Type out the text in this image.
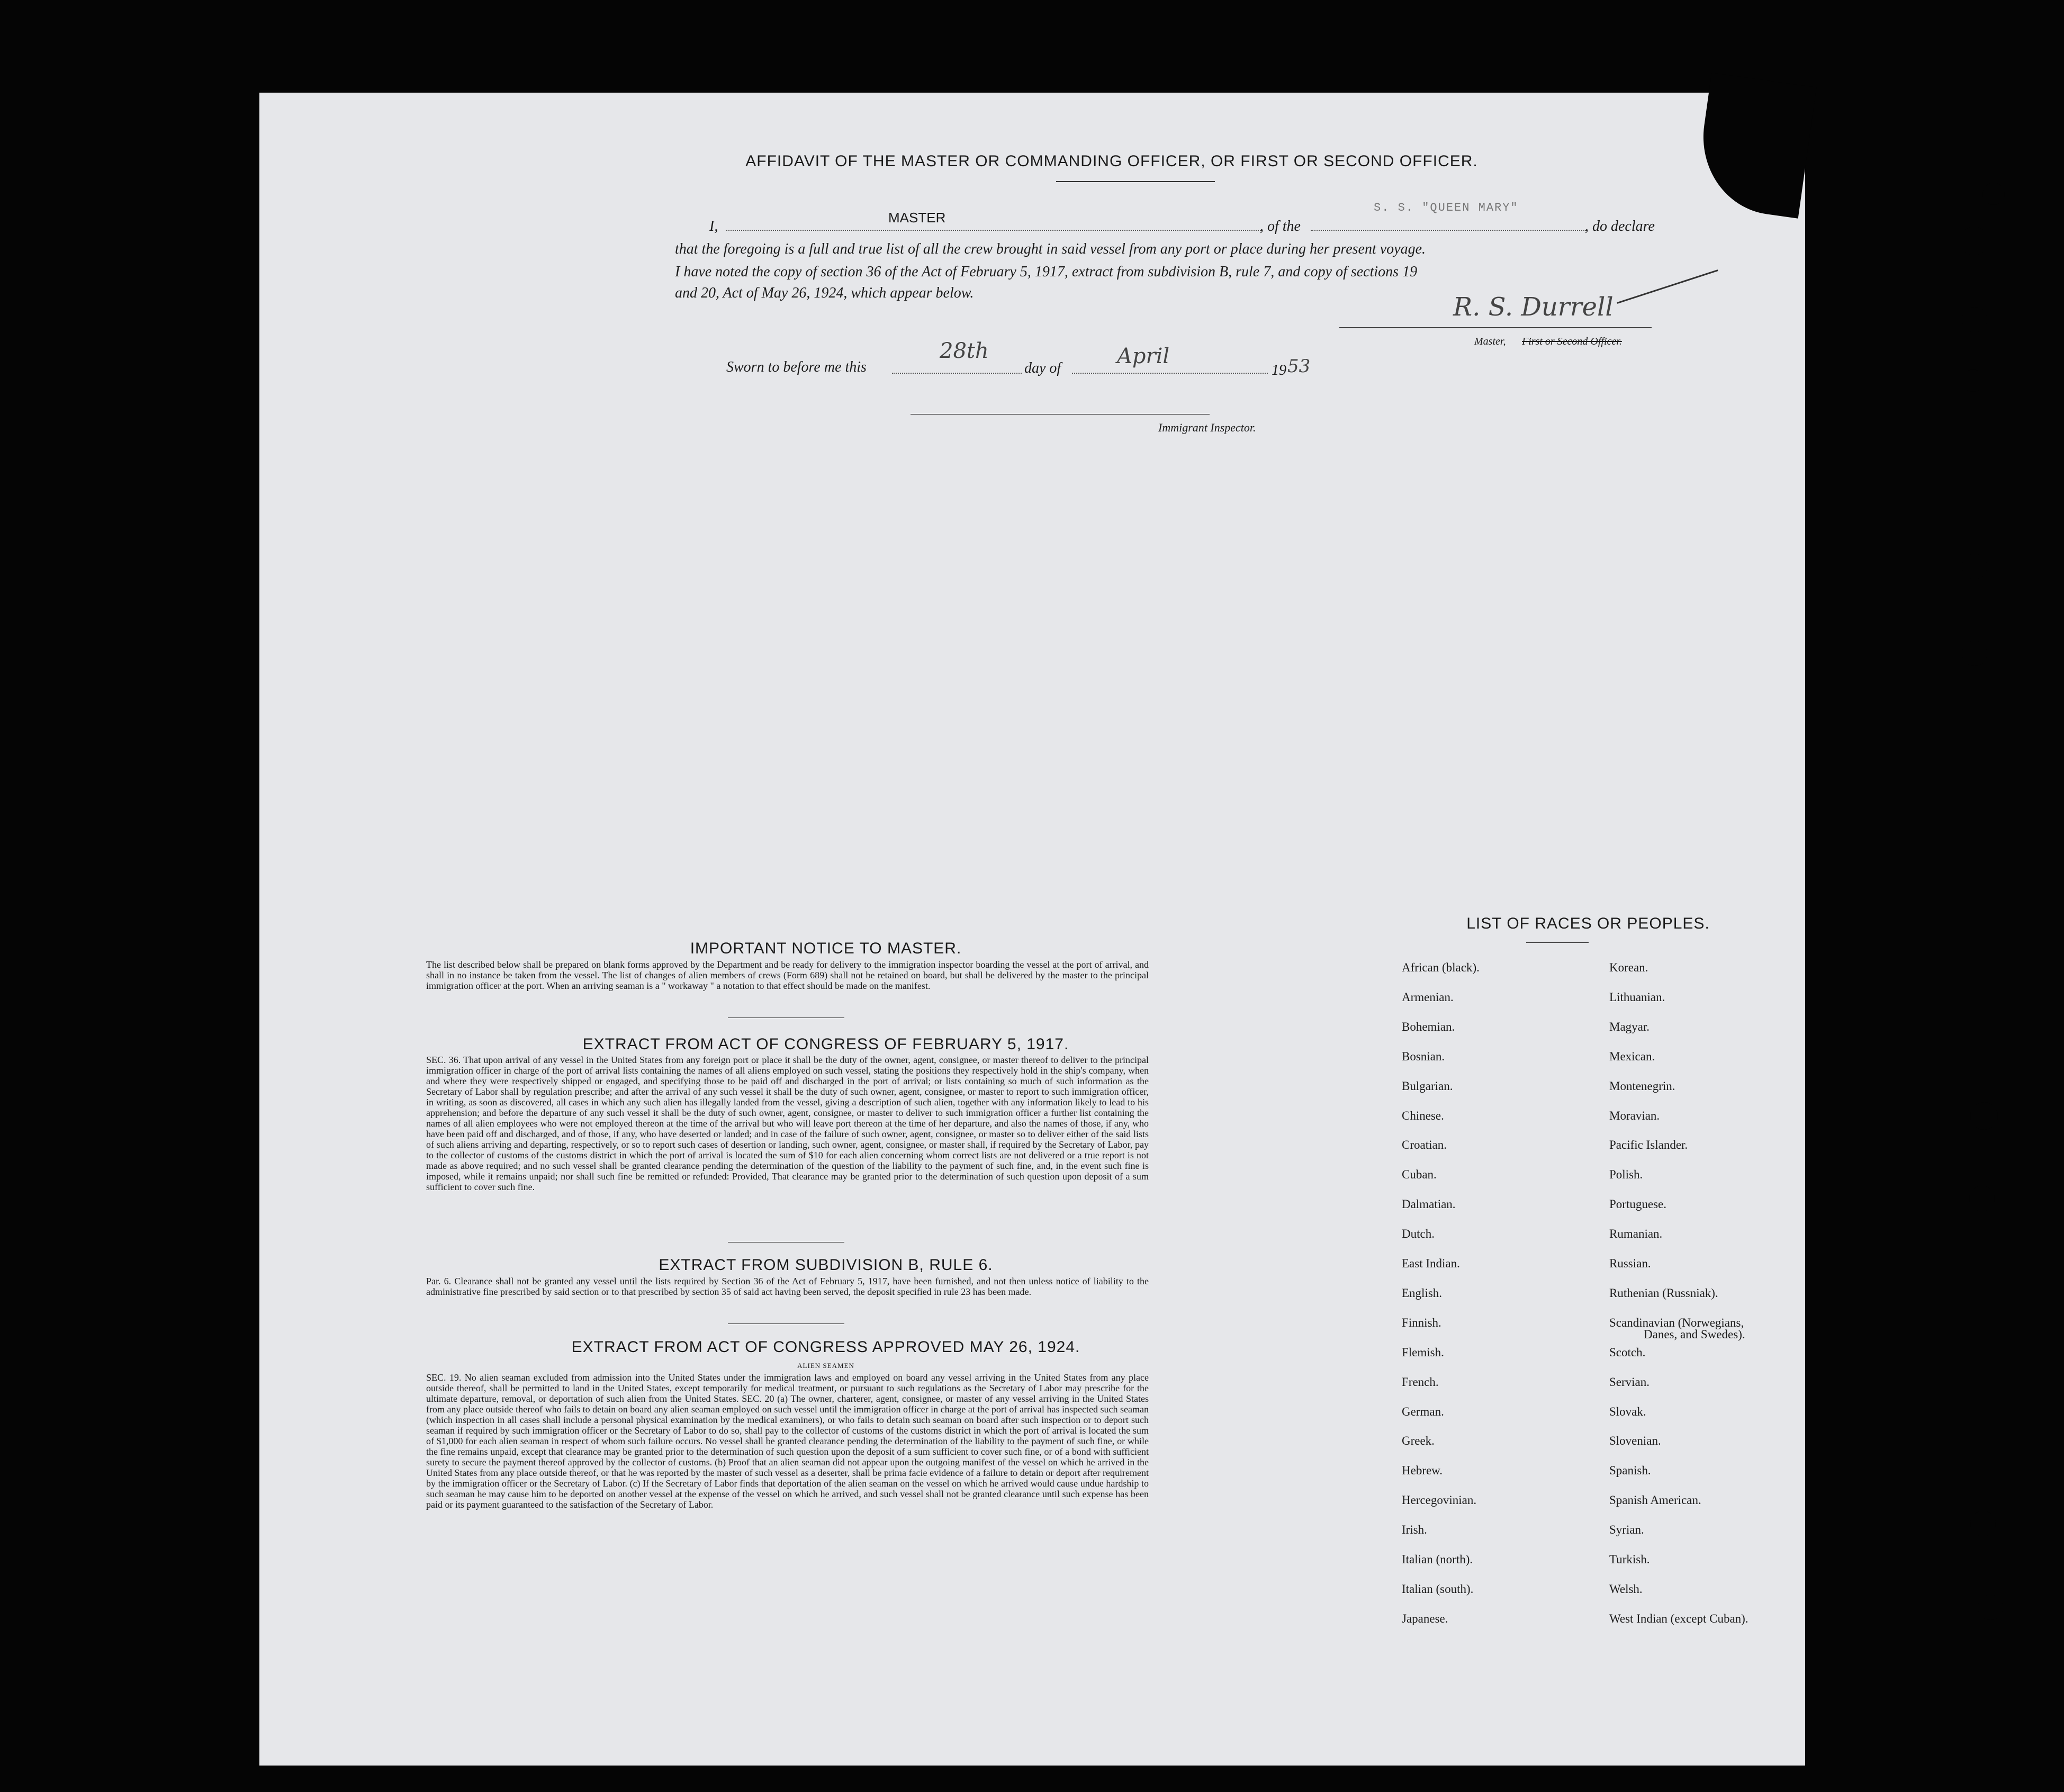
AFFIDAVIT OF THE MASTER OR COMMANDING OFFICER, OR FIRST OR SECOND OFFICER.
I,
MASTER
, of the
S. S. "QUEEN MARY"
, do declare
that the foregoing is a full and true list of all the crew brought in said vessel from any port or place during her present voyage.
I have noted the copy of section 36 of the Act of February 5, 1917, extract from subdivision B, rule 7, and copy of sections 19
and 20, Act of May 26, 1924, which appear below.	R. S. Durrell
Master, First or Second Officer.
Sworn to before me this
28th
day of	April
19 53
Immigrant Inspector.
IMPORTANT NOTICE TO MASTER.
The list described below shall be prepared on blank forms approved by the Department and be ready for delivery to the immigration inspector boarding the vessel at the port of arrival, and shall in no instance be taken from the vessel. The list of changes of alien members of crews (Form 689) shall not be retained on board, but shall be delivered by the master to the principal immigration officer at the port. When an arriving seaman is a " workaway " a notation to that effect should be made on the manifest.
EXTRACT FROM ACT OF CONGRESS OF FEBRUARY 5, 1917.
SEC. 36. That upon arrival of any vessel in the United States from any foreign port or place it shall be the duty of the owner, agent, consignee, or master thereof to deliver to the principal immigration officer in charge of the port of arrival lists containing the names of all aliens employed on such vessel, stating the positions they respectively hold in the ship's company, when and where they were respectively shipped or engaged, and specifying those to be paid off and discharged in the port of arrival; or lists containing so much of such information as the Secretary of Labor shall by regulation prescribe; and after the arrival of any such vessel it shall be the duty of such owner, agent, consignee, or master to report to such immigration officer, in writing, as soon as discovered, all cases in which any such alien has illegally landed from the vessel, giving a description of such alien, together with any information likely to lead to his apprehension; and before the departure of any such vessel it shall be the duty of such owner, agent, consignee, or master to deliver to such immigration officer a further list containing the names of all alien employees who were not employed thereon at the time of the arrival but who will leave port thereon at the time of her departure, and also the names of those, if any, who have been paid off and discharged, and of those, if any, who have deserted or landed; and in case of the failure of such owner, agent, consignee, or master so to deliver either of the said lists of such aliens arriving and departing, respectively, or so to report such cases of desertion or landing, such owner, agent, consignee, or master shall, if required by the Secretary of Labor, pay to the collector of customs of the customs district in which the port of arrival is located the sum of $10 for each alien concerning whom correct lists are not delivered or a true report is not made as above required; and no such vessel shall be granted clearance pending the determination of the question of the liability to the payment of such fine, and, in the event such fine is imposed, while it remains unpaid; nor shall such fine be remitted or refunded: Provided, That clearance may be granted prior to the determination of such question upon deposit of a sum sufficient to cover such fine.
EXTRACT FROM SUBDIVISION B, RULE 6.
Par. 6. Clearance shall not be granted any vessel until the lists required by Section 36 of the Act of February 5, 1917, have been furnished, and not then unless notice of liability to the administrative fine prescribed by said section or to that prescribed by section 35 of said act having been served, the deposit specified in rule 23 has been made.
EXTRACT FROM ACT OF CONGRESS APPROVED MAY 26, 1924.
ALIEN SEAMEN
SEC. 19. No alien seaman excluded from admission into the United States under the immigration laws and employed on board any vessel arriving in the United States from any place outside thereof, shall be permitted to land in the United States, except temporarily for medical treatment, or pursuant to such regulations as the Secretary of Labor may prescribe for the ultimate departure, removal, or deportation of such alien from the United States. SEC. 20 (a) The owner, charterer, agent, consignee, or master of any vessel arriving in the United States from any place outside thereof who fails to detain on board any alien seaman employed on such vessel until the immigration officer in charge at the port of arrival has inspected such seaman (which inspection in all cases shall include a personal physical examination by the medical examiners), or who fails to detain such seaman on board after such inspection or to deport such seaman if required by such immigration officer or the Secretary of Labor to do so, shall pay to the collector of customs of the customs district in which the port of arrival is located the sum of $1,000 for each alien seaman in respect of whom such failure occurs. No vessel shall be granted clearance pending the determination of the liability to the payment of such fine, or while the fine remains unpaid, except that clearance may be granted prior to the determination of such question upon the deposit of a sum sufficient to cover such fine, or of a bond with sufficient surety to secure the payment thereof approved by the collector of customs. (b) Proof that an alien seaman did not appear upon the outgoing manifest of the vessel on which he arrived in the United States from any place outside thereof, or that he was reported by the master of such vessel as a deserter, shall be prima facie evidence of a failure to detain or deport after requirement by the immigration officer or the Secretary of Labor. (c) If the Secretary of Labor finds that deportation of the alien seaman on the vessel on which he arrived would cause undue hardship to such seaman he may cause him to be deported on another vessel at the expense of the vessel on which he arrived, and such vessel shall not be granted clearance until such expense has been paid or its payment guaranteed to the satisfaction of the Secretary of Labor.
LIST OF RACES OR PEOPLES.
African (black).
Armenian.
Bohemian.
Bosnian.
Bulgarian.
Chinese.
Croatian.
Cuban.
Dalmatian.
Dutch.
East Indian.
English.
Finnish.
Flemish.
French.
German.
Greek.
Hebrew.
Hercegovinian.
Irish.
Italian (north).
Italian (south).
Japanese.
Korean.
Lithuanian.
Magyar.
Mexican.
Montenegrin.
Moravian.
Pacific Islander.
Polish.
Portuguese.
Rumanian.
Russian.
Ruthenian (Russniak).
Scandinavian (Norwegians,
Scotch.
Servian.
Slovak.
Slovenian.
Spanish.
Spanish American.
Syrian.
Turkish.
Welsh.
West Indian (except Cuban).
Danes, and Swedes).
